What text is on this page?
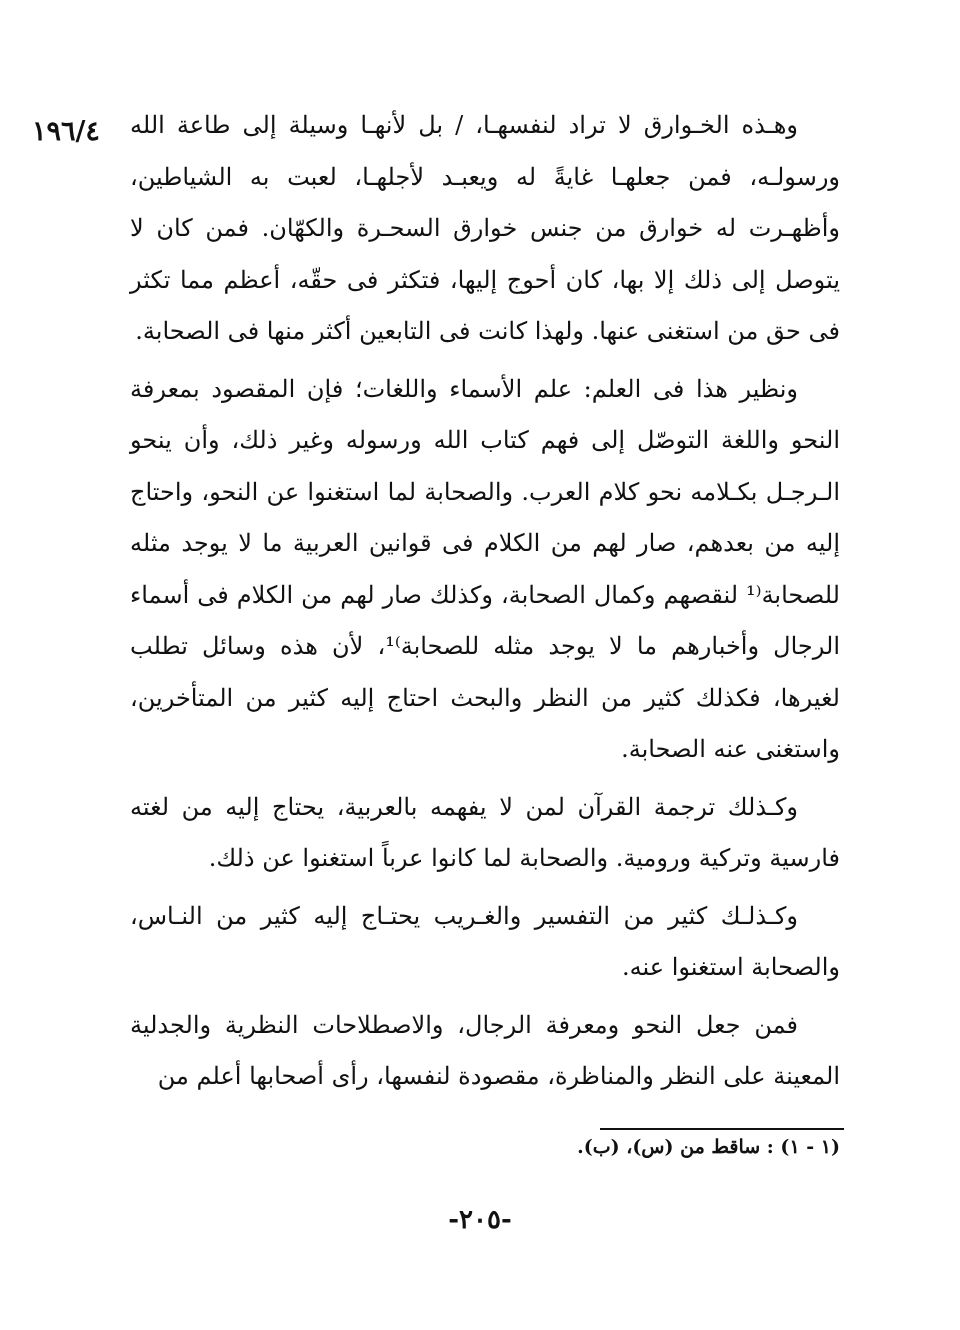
١٩٦/٤ وهـذه الخـوارق لا تراد لنفسهـا، / بل لأنهـا وسيلة إلى طاعة الله ورسولـه، فمن جعلهـا غايةً له ويعبـد لأجلهـا، لعبت به الشياطين، وأظهـرت له خوارق من جنس خوارق السحـرة والكهّان. فمن كان لا يتوصل إلى ذلك إلا بها، كان أحوج إليها، فتكثر فى حقّه، أعظم مما تكثر فى حق من استغنى عنها. ولهذا كانت فى التابعين أكثر منها فى الصحابة.

ونظير هذا فى العلم: علم الأسماء واللغات؛ فإن المقصود بمعرفة النحو واللغة التوصّل إلى فهم كتاب الله ورسوله وغير ذلك، وأن ينحو الـرجـل بكـلامه نحو كلام العرب. والصحابة لما استغنوا عن النحو، واحتاج إليه من بعدهم، صار لهم من الكلام فى قوانين العربية ما لا يوجد مثله للصحابة⁽¹ لنقصهم وكمال الصحابة، وكذلك صار لهم من الكلام فى أسماء الرجال وأخبارهم ما لا يوجد مثله للصحابة⁾¹، لأن هذه وسائل تطلب لغيرها، فكذلك كثير من النظر والبحث احتاج إليه كثير من المتأخرين، واستغنى عنه الصحابة.

وكـذلك ترجمة القرآن لمن لا يفهمه بالعربية، يحتاج إليه من لغته فارسية وتركية ورومية. والصحابة لما كانوا عرباً استغنوا عن ذلك.

وكـذلـك كثير من التفسير والغـريب يحتـاج إليه كثير من النـاس، والصحابة استغنوا عنه.

فمن جعل النحو ومعرفة الرجال، والاصطلاحات النظرية والجدلية المعينة على النظر والمناظرة، مقصودة لنفسها، رأى أصحابها أعلم من

(١ - ١) : ساقط من (س)، (ب).
-٢٠٥-
